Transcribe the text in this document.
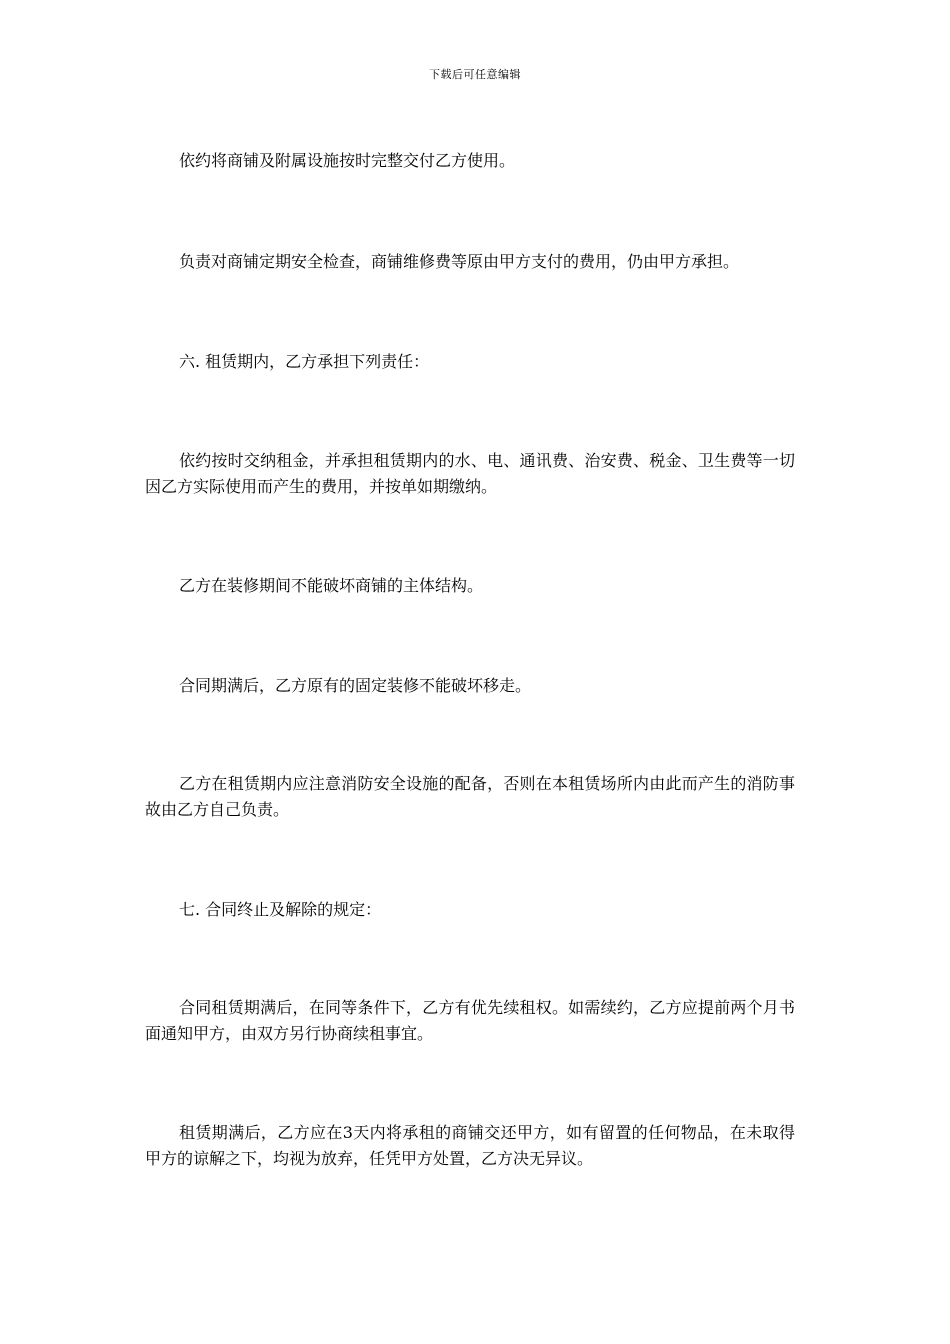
下载后可任意编辑

依约将商铺及附属设施按时完整交付乙方使用。

负责对商铺定期安全检查，商铺维修费等原由甲方支付的费用，仍由甲方承担。

六. 租赁期内，乙方承担下列责任：

依约按时交纳租金，并承担租赁期内的水、电、通讯费、治安费、税金、卫生费等一切因乙方实际使用而产生的费用，并按单如期缴纳。

乙方在装修期间不能破坏商铺的主体结构。

合同期满后，乙方原有的固定装修不能破坏移走。

乙方在租赁期内应注意消防安全设施的配备，否则在本租赁场所内由此而产生的消防事故由乙方自己负责。

七. 合同终止及解除的规定：

合同租赁期满后，在同等条件下，乙方有优先续租权。如需续约，乙方应提前两个月书面通知甲方，由双方另行协商续租事宜。

租赁期满后，乙方应在3天内将承租的商铺交还甲方，如有留置的任何物品，在未取得甲方的谅解之下，均视为放弃，任凭甲方处置，乙方决无异议。
